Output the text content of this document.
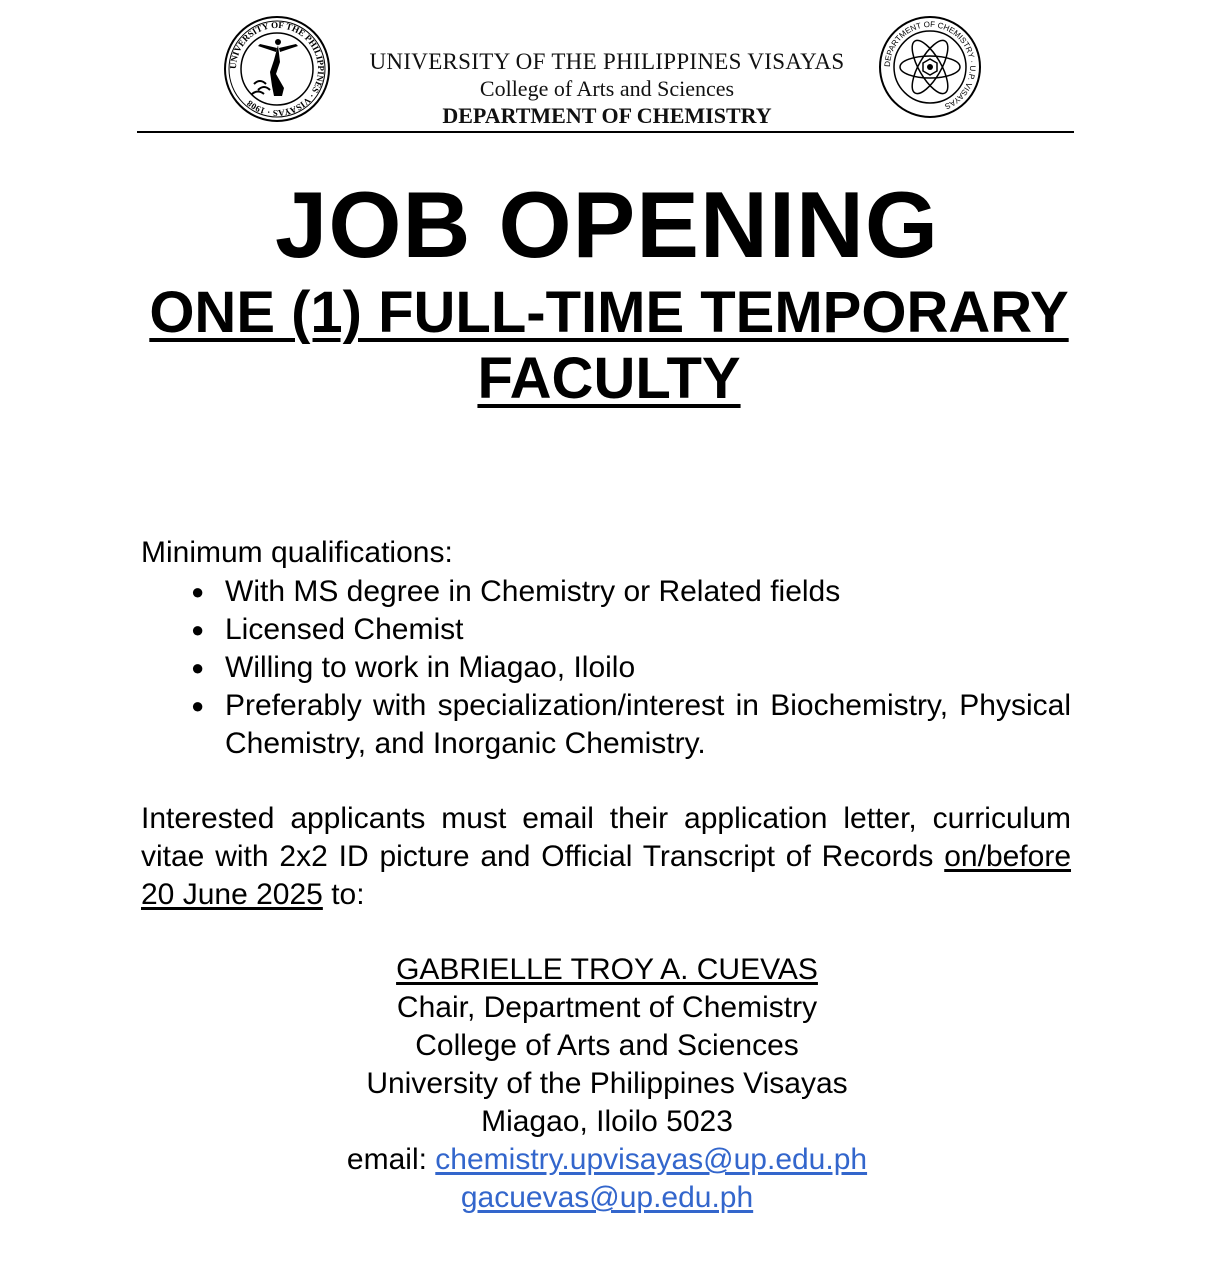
UNIVERSITY OF THE PHILIPPINES · VISAYAS · 1908
UNIVERSITY OF THE PHILIPPINES VISAYAS
College of Arts and Sciences
DEPARTMENT OF CHEMISTRY
DEPARTMENT OF CHEMISTRY · U.P. VISAYAS
JOB OPENING
ONE (1) FULL-TIME TEMPORARY
FACULTY
Minimum qualifications:
● With MS degree in Chemistry or Related fields
● Licensed Chemist
● Willing to work in Miagao, Iloilo
● Preferably with specialization/interest in Biochemistry, Physical Chemistry, and Inorganic Chemistry.
Interested applicants must email their application letter, curriculum vitae with 2x2 ID picture and Official Transcript of Records on/before 20 June 2025 to:
GABRIELLE TROY A. CUEVAS
Chair, Department of Chemistry
College of Arts and Sciences
University of the Philippines Visayas
Miagao, Iloilo 5023
email: chemistry.upvisayas@up.edu.ph
gacuevas@up.edu.ph
